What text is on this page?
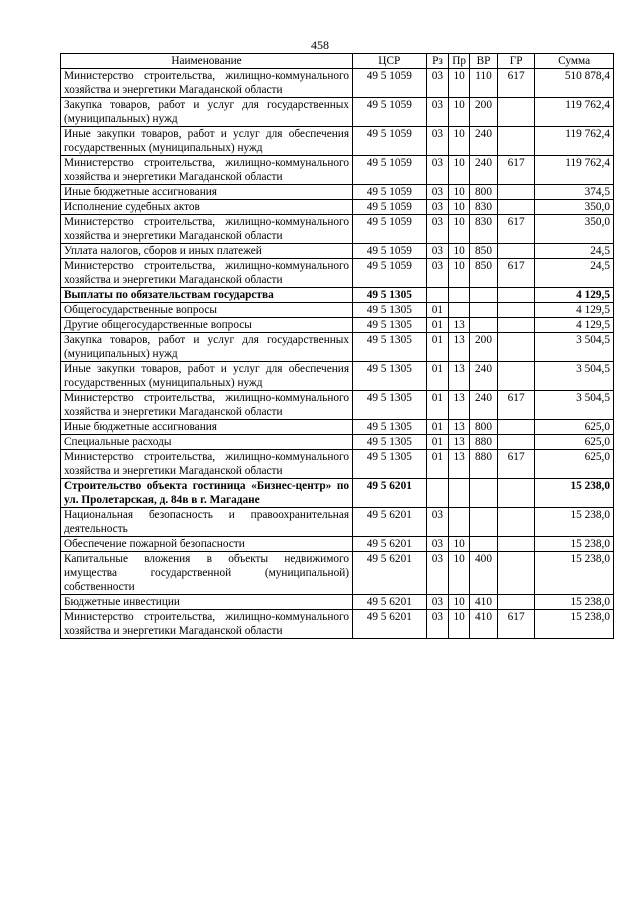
458
Наименование	ЦСР	Рз	Пр	ВР	ГР	Сумма
Министерство строительства, жилищно-коммунального хозяйства и энергетики Магаданской области	49 5 1059	03	10	110	617	510 878,4
Закупка товаров, работ и услуг для государственных (муниципальных) нужд	49 5 1059	03	10	200		119 762,4
Иные закупки товаров, работ и услуг для обеспечения государственных (муниципальных) нужд	49 5 1059	03	10	240		119 762,4
Министерство строительства, жилищно-коммунального хозяйства и энергетики Магаданской области	49 5 1059	03	10	240	617	119 762,4
Иные бюджетные ассигнования	49 5 1059	03	10	800		374,5
Исполнение судебных актов	49 5 1059	03	10	830		350,0
Министерство строительства, жилищно-коммунального хозяйства и энергетики Магаданской области	49 5 1059	03	10	830	617	350,0
Уплата налогов, сборов и иных платежей	49 5 1059	03	10	850		24,5
Министерство строительства, жилищно-коммунального хозяйства и энергетики Магаданской области	49 5 1059	03	10	850	617	24,5
Выплаты по обязательствам государства	49 5 1305					4 129,5
Общегосударственные вопросы	49 5 1305	01				4 129,5
Другие общегосударственные вопросы	49 5 1305	01	13			4 129,5
Закупка товаров, работ и услуг для государственных (муниципальных) нужд	49 5 1305	01	13	200		3 504,5
Иные закупки товаров, работ и услуг для обеспечения государственных (муниципальных) нужд	49 5 1305	01	13	240		3 504,5
Министерство строительства, жилищно-коммунального хозяйства и энергетики Магаданской области	49 5 1305	01	13	240	617	3 504,5
Иные бюджетные ассигнования	49 5 1305	01	13	800		625,0
Специальные расходы	49 5 1305	01	13	880		625,0
Министерство строительства, жилищно-коммунального хозяйства и энергетики Магаданской области	49 5 1305	01	13	880	617	625,0
Строительство объекта гостиница «Бизнес-центр» по ул. Пролетарская, д. 84в в г. Магадане	49 5 6201					15 238,0
Национальная безопасность и правоохранительная деятельность	49 5 6201	03				15 238,0
Обеспечение пожарной безопасности	49 5 6201	03	10			15 238,0
Капитальные вложения в объекты недвижимого имущества государственной (муниципальной) собственности	49 5 6201	03	10	400		15 238,0
Бюджетные инвестиции	49 5 6201	03	10	410		15 238,0
Министерство строительства, жилищно-коммунального хозяйства и энергетики Магаданской области	49 5 6201	03	10	410	617	15 238,0
